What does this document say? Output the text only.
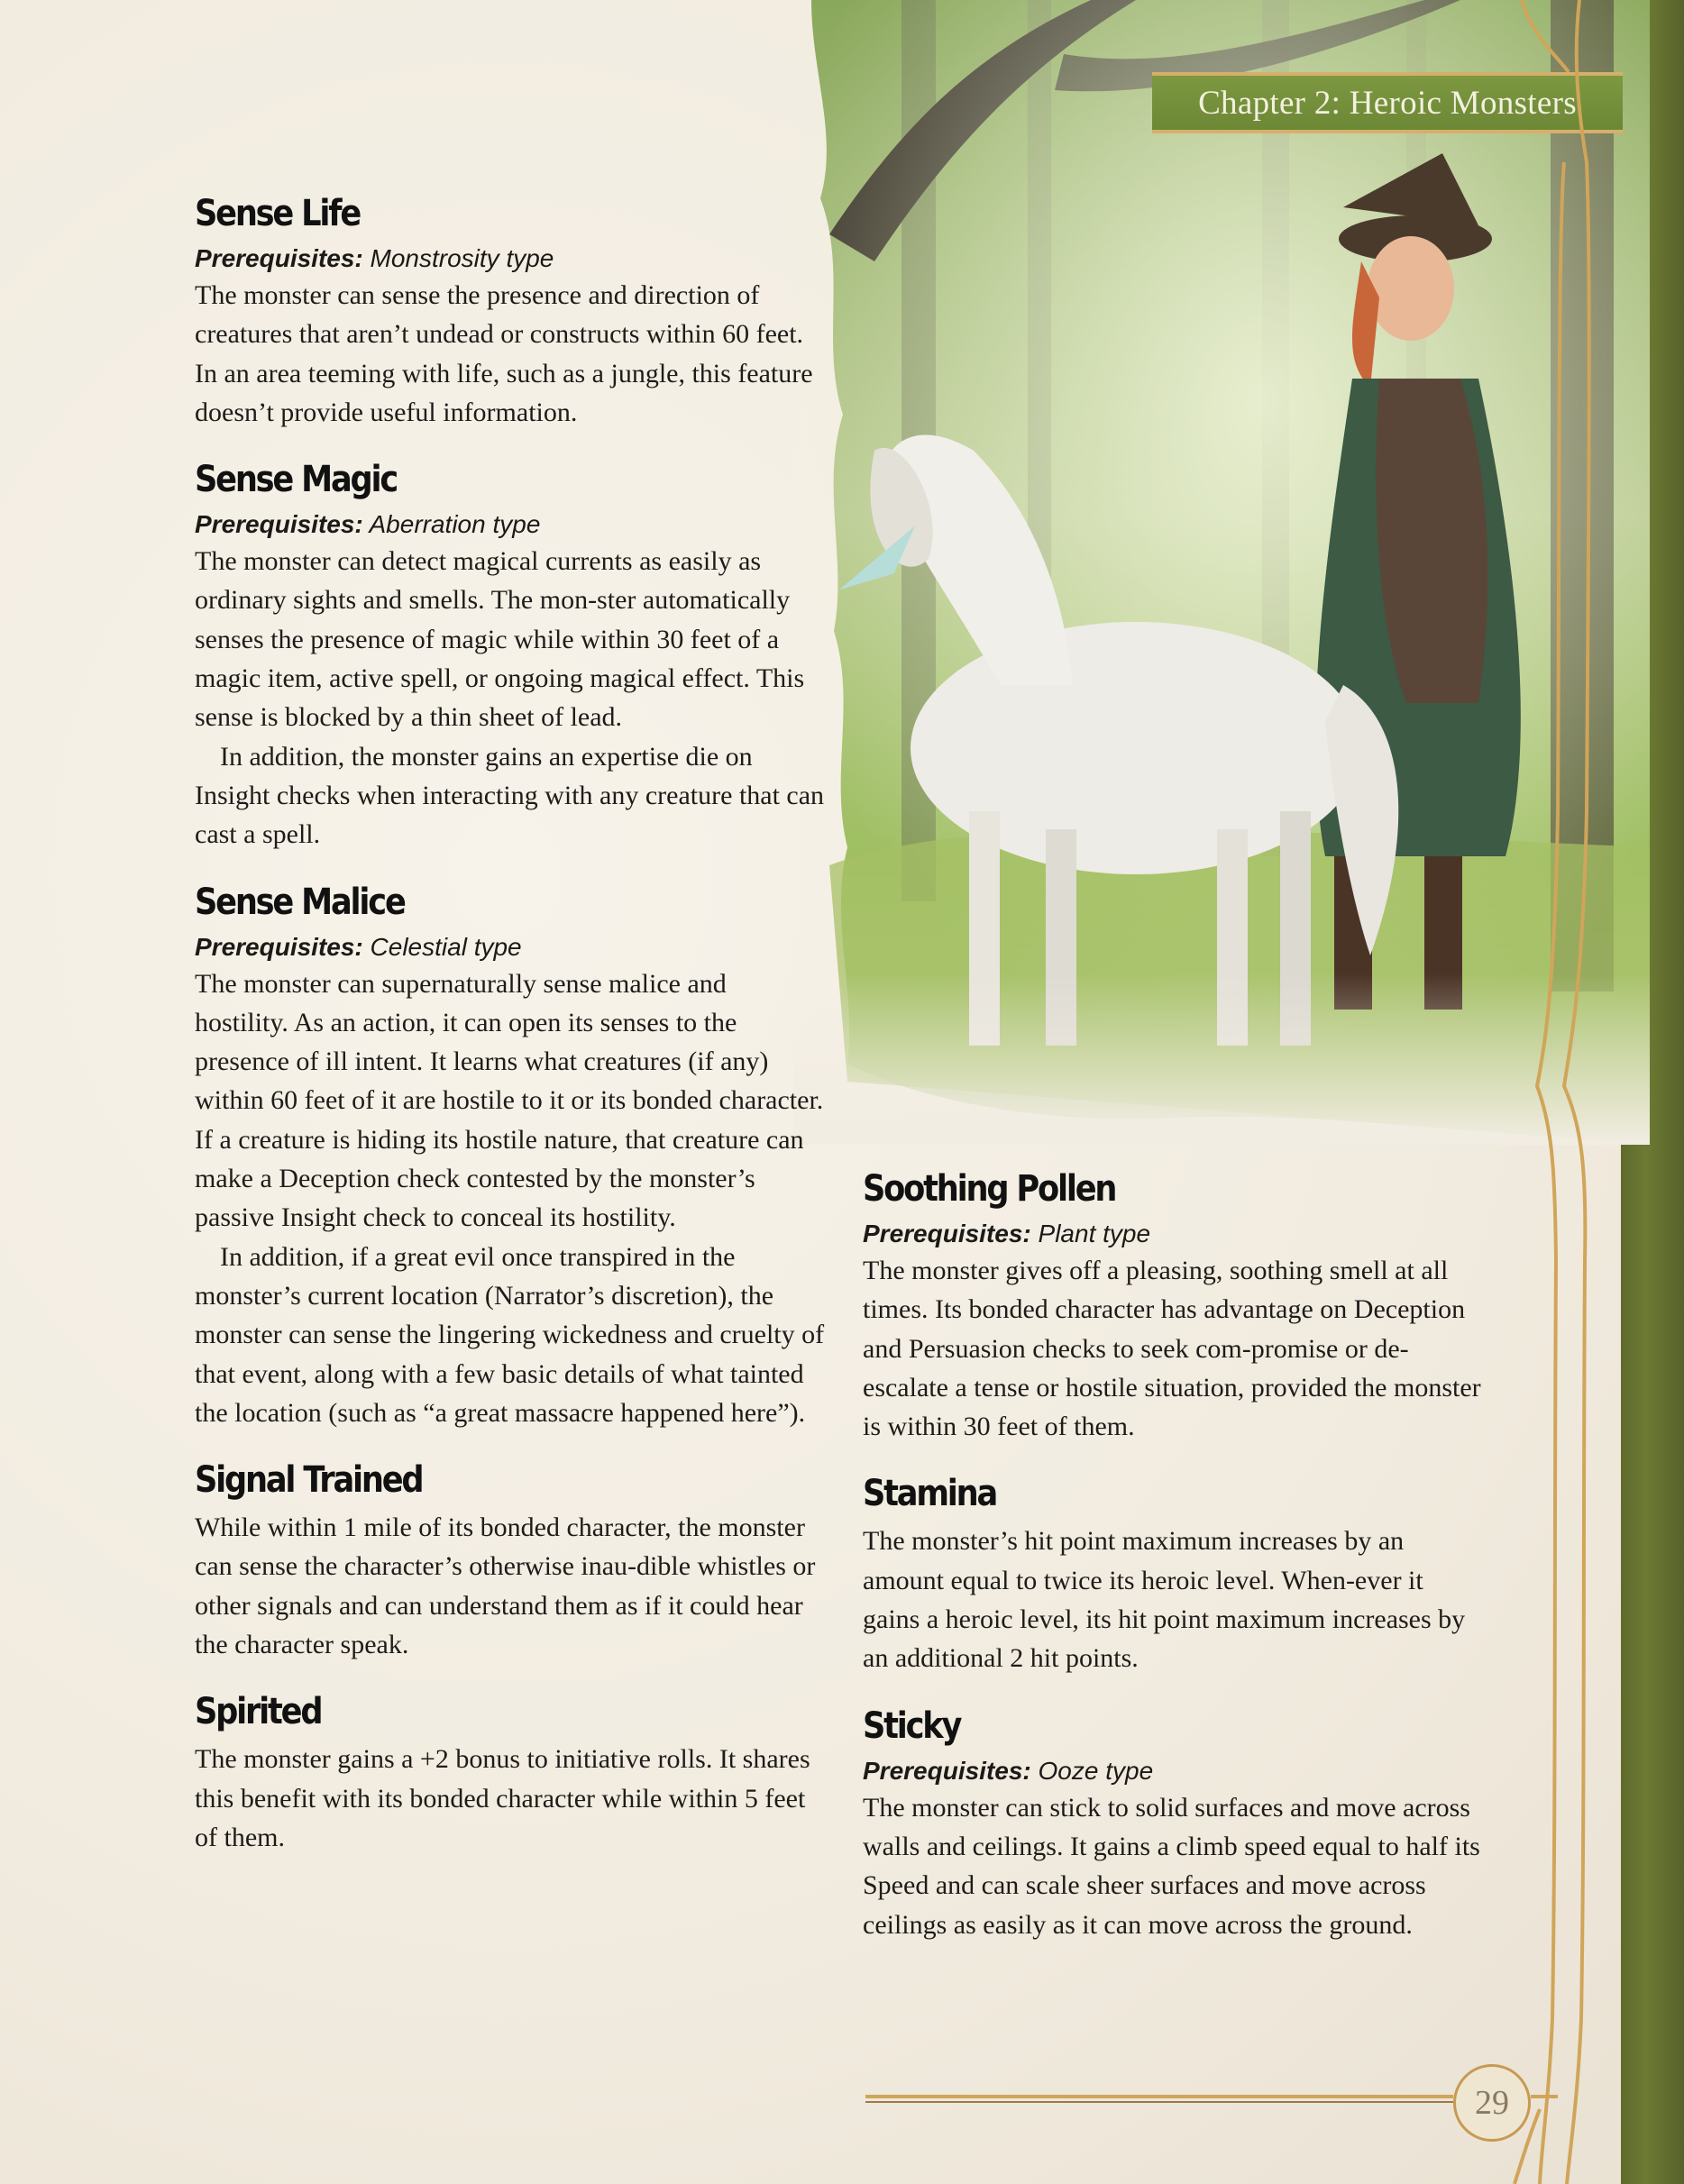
Chapter 2: Heroic Monsters
29
Sense Life

Prerequisites: Monstrosity type

The monster can sense the presence and direction of creatures that aren’t undead or constructs within 60 feet. In an area teeming with life, such as a jungle, this feature doesn’t provide useful information.

Sense Magic

Prerequisites: Aberration type

The monster can detect magical currents as easily as ordinary sights and smells. The mon-ster automatically senses the presence of magic while within 30 feet of a magic item, active spell, or ongoing magical effect. This sense is blocked by a thin sheet of lead.

In addition, the monster gains an expertise die on Insight checks when interacting with any creature that can cast a spell.

Sense Malice

Prerequisites: Celestial type

The monster can supernaturally sense malice and hostility. As an action, it can open its senses to the presence of ill intent. It learns what creatures (if any) within 60 feet of it are hostile to it or its bonded character. If a creature is hiding its hostile nature, that creature can make a Deception check contested by the monster’s passive Insight check to conceal its hostility.

In addition, if a great evil once transpired in the monster’s current location (Narrator’s discretion), the monster can sense the lingering wickedness and cruelty of that event, along with a few basic details of what tainted the location (such as “a great massacre happened here”).

Signal Trained

While within 1 mile of its bonded character, the monster can sense the character’s otherwise inau-dible whistles or other signals and can understand them as if it could hear the character speak.

Spirited

The monster gains a +2 bonus to initiative rolls. It shares this benefit with its bonded character while within 5 feet of them.

Soothing Pollen

Prerequisites: Plant type

The monster gives off a pleasing, soothing smell at all times. Its bonded character has advantage on Deception and Persuasion checks to seek com-promise or de-escalate a tense or hostile situation, provided the monster is within 30 feet of them.

Stamina

The monster’s hit point maximum increases by an amount equal to twice its heroic level. When-ever it gains a heroic level, its hit point maximum increases by an additional 2 hit points.

Sticky

Prerequisites: Ooze type

The monster can stick to solid surfaces and move across walls and ceilings. It gains a climb speed equal to half its Speed and can scale sheer surfaces and move across ceilings as easily as it can move across the ground.
